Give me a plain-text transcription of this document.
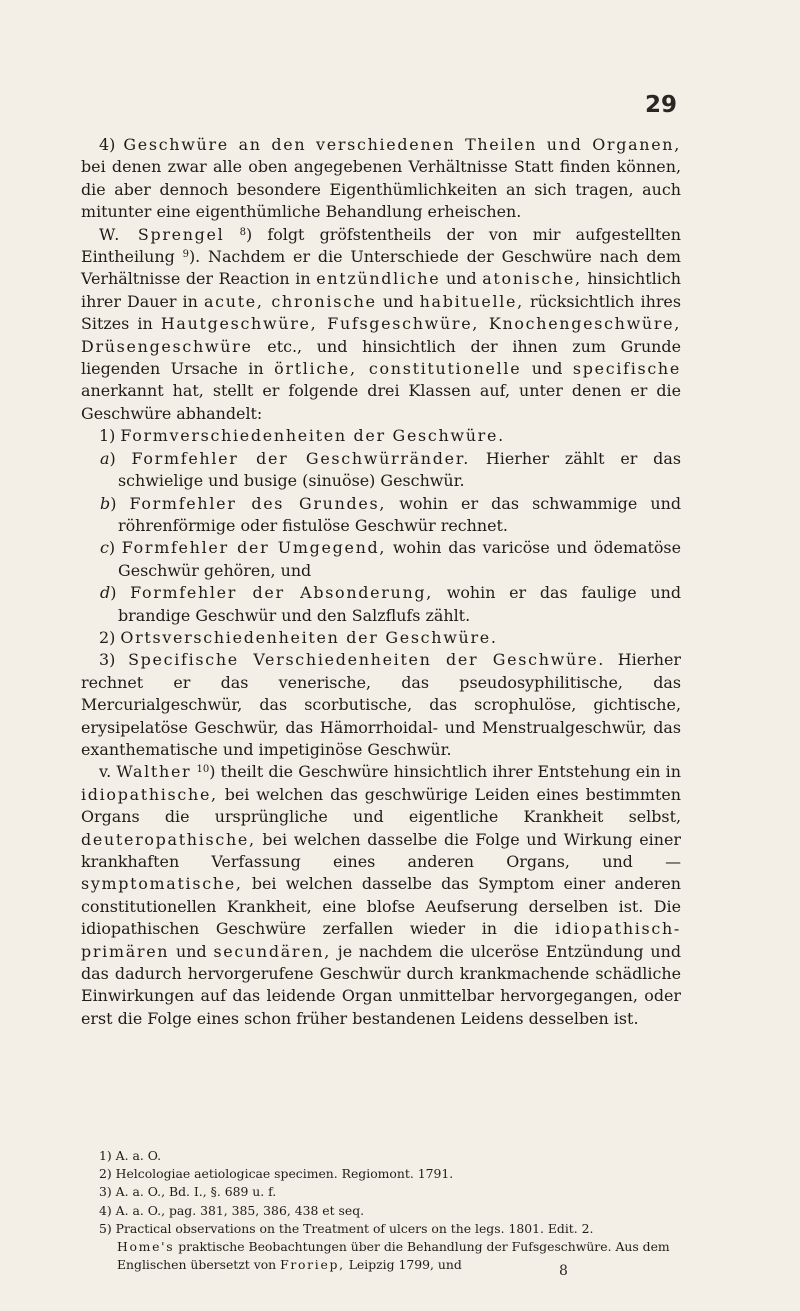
29

4) Geschwüre an den verschiedenen Theilen und Organen, bei denen zwar alle oben angegebenen Verhältnisse Statt finden können, die aber dennoch besondere Eigenthümlichkeiten an sich tragen, auch mitunter eine eigenthümliche Behandlung erheischen.

W. Sprengel $^8$) folgt gröfstentheils der von mir aufgestellten Eintheilung $^9$). Nachdem er die Unterschiede der Geschwüre nach dem Verhältnisse der Reaction in entzündliche und atonische, hinsichtlich ihrer Dauer in acute, chronische und habituelle, rücksichtlich ihres Sitzes in Hautgeschwüre, Fufsgeschwüre, Knochengeschwüre, Drüsengeschwüre etc., und hinsichtlich der ihnen zum Grunde liegenden Ursache in örtliche, constitutionelle und specifische anerkannt hat, stellt er folgende drei Klassen auf, unter denen er die Geschwüre abhandelt:

1) Formverschiedenheiten der Geschwüre.

a) Formfehler der Geschwürränder. Hierher zählt er das schwielige und busige (sinuöse) Geschwür.

b) Formfehler des Grundes, wohin er das schwammige und röhrenförmige oder fistulöse Geschwür rechnet.

c) Formfehler der Umgegend, wohin das varicöse und ödematöse Geschwür gehören, und

d) Formfehler der Absonderung, wohin er das faulige und brandige Geschwür und den Salzflufs zählt.

2) Ortsverschiedenheiten der Geschwüre.

3) Specifische Verschiedenheiten der Geschwüre. Hierher rechnet er das venerische, das pseudosyphilitische, das Mercurialgeschwür, das scorbutische, das scrophulöse, gichtische, erysipelatöse Geschwür, das Hämorrhoidal- und Menstrualgeschwür, das exanthematische und impetiginöse Geschwür.

v. Walther $^{10}$) theilt die Geschwüre hinsichtlich ihrer Entstehung ein in idiopathische, bei welchen das geschwürige Leiden eines bestimmten Organs die ursprüngliche und eigentliche Krankheit selbst, deuteropathische, bei welchen dasselbe die Folge und Wirkung einer krankhaften Verfassung eines anderen Organs, und — symptomatische, bei welchen dasselbe das Symptom einer anderen constitutionellen Krankheit, eine blofse Aeufserung derselben ist. Die idiopathischen Geschwüre zerfallen wieder in die idiopathisch-primären und secundären, je nachdem die ulceröse Entzündung und das dadurch hervorgerufene Geschwür durch krankmachende schädliche Einwirkungen auf das leidende Organ unmittelbar hervorgegangen, oder erst die Folge eines schon früher bestandenen Leidens desselben ist.

1) A. a. O.

2) Helcologiae aetiologicae specimen. Regiomont. 1791.

3) A. a. O., Bd. I., §. 689 u. f.

4) A. a. O., pag. 381, 385, 386, 438 et seq.

5) Practical observations on the Treatment of ulcers on the legs. 1801. Edit. 2.

Home's praktische Beobachtungen über die Behandlung der Fufsgeschwüre. Aus dem Englischen übersetzt von Froriep, Leipzig 1799, und	8
